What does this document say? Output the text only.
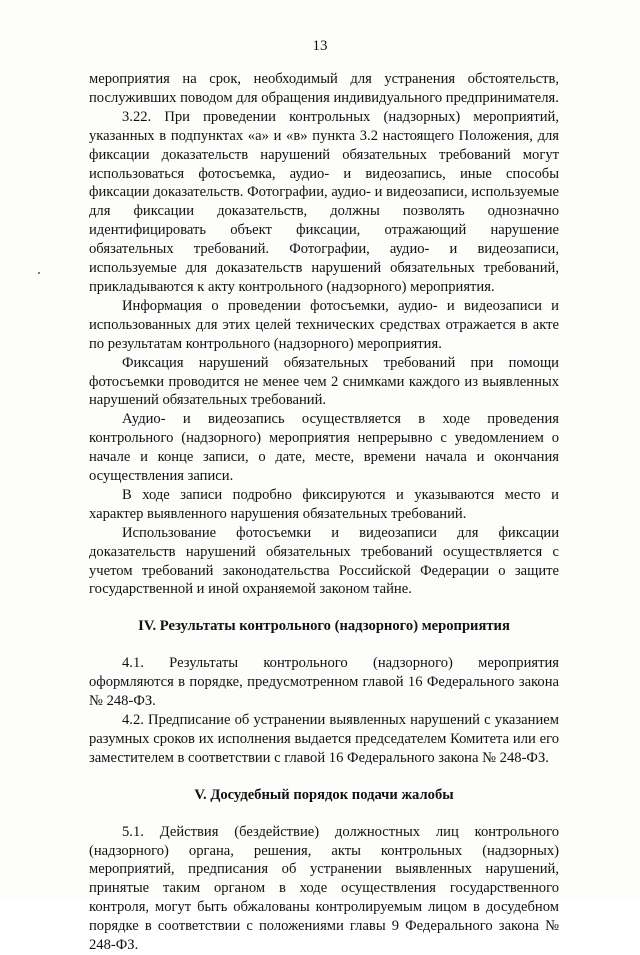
13

мероприятия на срок, необходимый для устранения обстоятельств, послуживших поводом для обращения индивидуального предпринимателя.

3.22. При проведении контрольных (надзорных) мероприятий, указанных в подпунктах «а» и «в» пункта 3.2 настоящего Положения, для фиксации доказательств нарушений обязательных требований могут использоваться фотосъемка, аудио- и видеозапись, иные способы фиксации доказательств. Фотографии, аудио- и видеозаписи, используемые для фиксации доказательств, должны позволять однозначно идентифицировать объект фиксации, отражающий нарушение обязательных требований. Фотографии, аудио- и видеозаписи, используемые для доказательств нарушений обязательных требований, прикладываются к акту контрольного (надзорного) мероприятия.

Информация о проведении фотосъемки, аудио- и видеозаписи и использованных для этих целей технических средствах отражается в акте по результатам контрольного (надзорного) мероприятия.

Фиксация нарушений обязательных требований при помощи фотосъемки проводится не менее чем 2 снимками каждого из выявленных нарушений обязательных требований.

Аудио- и видеозапись осуществляется в ходе проведения контрольного (надзорного) мероприятия непрерывно с уведомлением о начале и конце записи, о дате, месте, времени начала и окончания осуществления записи.

В ходе записи подробно фиксируются и указываются место и характер выявленного нарушения обязательных требований.

Использование фотосъемки и видеозаписи для фиксации доказательств нарушений обязательных требований осуществляется с учетом требований законодательства Российской Федерации о защите государственной и иной охраняемой законом тайне.

IV. Результаты контрольного (надзорного) мероприятия

4.1. Результаты контрольного (надзорного) мероприятия оформляются в порядке, предусмотренном главой 16 Федерального закона № 248-ФЗ.

4.2. Предписание об устранении выявленных нарушений с указанием разумных сроков их исполнения выдается председателем Комитета или его заместителем в соответствии с главой 16 Федерального закона № 248-ФЗ.

V. Досудебный порядок подачи жалобы

5.1. Действия (бездействие) должностных лиц контрольного (надзорного) органа, решения, акты контрольных (надзорных) мероприятий, предписания об устранении выявленных нарушений, принятые таким органом в ходе осуществления государственного контроля, могут быть обжалованы контролируемым лицом в досудебном порядке в соответствии с положениями главы 9 Федерального закона № 248-ФЗ.
